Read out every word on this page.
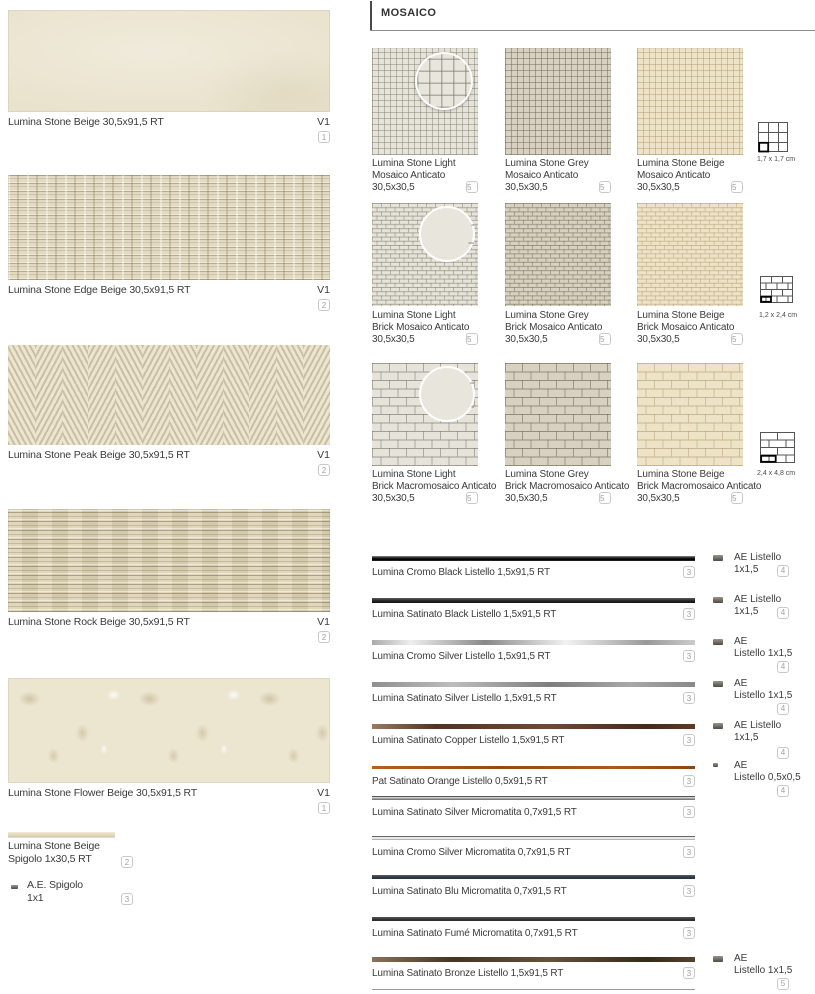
Lumina Stone Beige 30,5x91,5 RT	V1
1
Lumina Stone Edge Beige 30,5x91,5 RT	V1
2
Lumina Stone Peak Beige 30,5x91,5 RT	V1
2
Lumina Stone Rock Beige 30,5x91,5 RT	V1
2
Lumina Stone Flower Beige 30,5x91,5 RT	V1
1
Lumina Stone Beige
Spigolo 1x30,5 RT	2
A.E. Spigolo
1x1	3
MOSAICO
Lumina Stone Light
Mosaico Anticato
30,5x30,5	5
Lumina Stone Grey
Mosaico Anticato
30,5x30,5	5
Lumina Stone Beige
Mosaico Anticato
30,5x30,5	5
1,7 x 1,7 cm
Lumina Stone Light
Brick Mosaico Anticato
30,5x30,5	5
Lumina Stone Grey
Brick Mosaico Anticato
30,5x30,5	5
Lumina Stone Beige
Brick Mosaico Anticato
30,5x30,5	5
1,2 x 2,4 cm
Lumina Stone Light
Brick Macromosaico Anticato
30,5x30,5	5
Lumina Stone Grey
Brick Macromosaico Anticato
30,5x30,5	5
Lumina Stone Beige
Brick Macromosaico Anticato
30,5x30,5	5
2,4 x 4,8 cm
Lumina Cromo Black Listello 1,5x91,5 RT	3
Lumina Satinato Black Listello 1,5x91,5 RT	3
Lumina Cromo Silver Listello 1,5x91,5 RT	3
Lumina Satinato Silver Listello 1,5x91,5 RT	3
Lumina Satinato Copper Listello 1,5x91,5 RT	3
Pat Satinato Orange Listello 0,5x91,5 RT	3
Lumina Satinato Silver Micromatita 0,7x91,5 RT	3
Lumina Cromo Silver Micromatita 0,7x91,5 RT	3
Lumina Satinato Blu Micromatita 0,7x91,5 RT	3
Lumina Satinato Fumé Micromatita 0,7x91,5 RT	3
Lumina Satinato Bronze Listello 1,5x91,5 RT	3
AE Listello
1x1,5	4
AE Listello
1x1,5	4
AE
Listello 1x1,5
4
AE
Listello 1x1,5
4
AE Listello
1x1,5
4
AE
Listello 0,5x0,5
4
AE
Listello 1x1,5
5
